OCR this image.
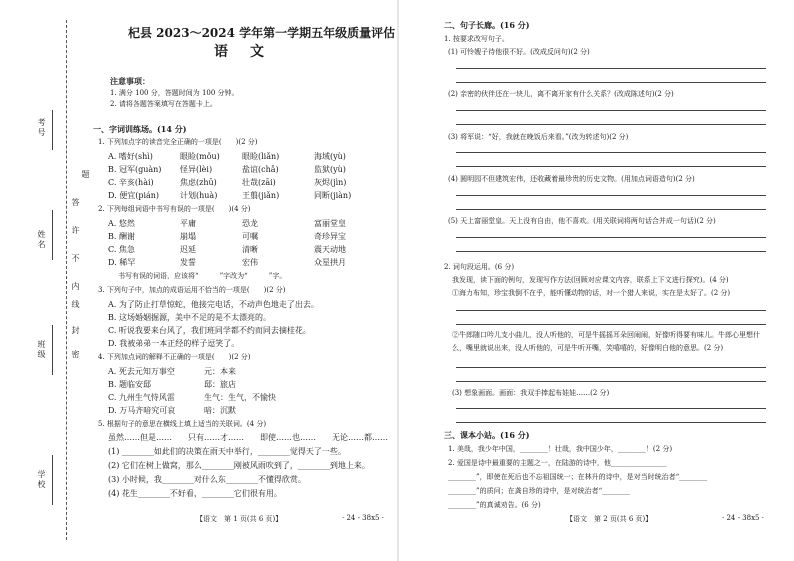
考号
姓名
班级
学校
题
答
许
不
内
线
封
密
杞县 2023～2024 学年第一学期五年级质量评估
语　文
注意事项：
1. 满分 100 分，答题时间为 100 分钟。
2. 请将各题答案填写在答题卡上。
一、字词训练场。(14 分)
1. 下列加点字的读音完全正确的一项是(　　)(2 分)
A. 嗜好(shì)	眼睑(mǒu)	眼睑(liǎn)	海域(yù)
B. 冠军(guàn) 怪异(lèi)	盐谊(chǎ)	监狱(yù)
C. 辛亥(hài)	焦虑(zhū)	壮哉(zāi)	灰烬(jìn)
D. 便宜(pián)	计划(huà)	王翦(jiǎn)	同断(jiàn)
2. 下列每组词语中书写有误的一项是(　　)(4 分)
A. 悠然	平庸	恐龙	富丽堂皇
B. 酬谢	崩塌	可嘱	奇珍异宝
C. 焦急	迟延	清晰	震天动地
D. 稀罕	发誓	宏伟	众星拱月
书写有误的词语，应该将“　　　”字改为“　　　”字。
3. 下列句子中，加点的成语运用不恰当的一项是(　　)(2 分)
A. 为了防止打草惊蛇，他接完电话，不动声色地走了出去。
B. 这场婚姻掘源，美中不足的是不太漂亮的。
C. 听说我要来台风了，我们班同学都不约而同去摘桂花。
D. 我被弟弟一本正经的样子逗笑了。
4. 下列加点词的解释不正确的一项是(　　)(2 分)
A. 死去元知万事空	元：本来
B. 题临安邸	邸：旅店
C. 九州生气恃风雷	生气：生气，不愉快
D. 万马齐喑究可哀	喑：沉默
5. 根据句子的意思在横线上填上适当的关联词。(4 分)
虽然……但是……　　只有……才……　　即使……也……　　无论……都……
(1) ________如此们的决策在雨天中举行，________觉得天了一些。
(2) 它们在树上做窝，那么________刚被风雨吹到了，________到地上来。
(3) 小时候，我________对什么东________不懂得欣赏。
(4) 花生________不好看，________它们很有用。
【语文　第 1 页(共 6 页)】	· 24 - 38x5 ·
二、句子长廊。(16 分)
1. 按要求改写句子。
(1) 可怜嫂子待他很不好。(改成反问句)(2 分)
(2) 亲密的伙伴还在一块儿，离不离开家有什么关系？(改成陈述句)(2 分)
(3) 将军说：“好，我就在晚饭后来看。”(改为转述句)(2 分)
(4) 圆明园不但建筑宏伟，还收藏着最珍贵的历史文物。(用加点词语造句)(2 分)
(5) 天上富丽堂皇。天上没有自由，他不喜欢。(用关联词将两句话合并成一句话)(2 分)
2. 词句段运用。(6 分)
我发现，读下面的例句，发现写作方法(回顾对应课文内容，联系上下文进行探究)。(4 分)
①海力布知，珍宝我倒不在乎，能听懂动物的话，对一个猎人来说，实在是太好了。(2 分)
②牛郎随口吟儿支小曲儿，没人听他的，可是牛摇摇耳朵回闹闹，好像听得要有味儿。牛郎心里想什么，嘴里就说出来，没人听他的，可是牛听开嘴，笑嘻嘻的，好像明白他的意思。(2 分)
(3) 想象画面。画面：我双手捧起布娃娃……(2 分)
三、课本小站。(16 分)
1. 美哉，我少年中国，________！壮哉，我中国少年，________！(2 分)
2. 爱国是诗中最重要的主题之一，在陆游的诗中，他________________
________”，即使在死后也不忘祖国统一；在林升的诗中，是对当时统治者“________
________”的质问；在龚自珍的诗中，是对统治者“________
________”的真诚劝告。(6 分)
【语文　第 2 页(共 6 页)】	· 24 - 38x5 ·
